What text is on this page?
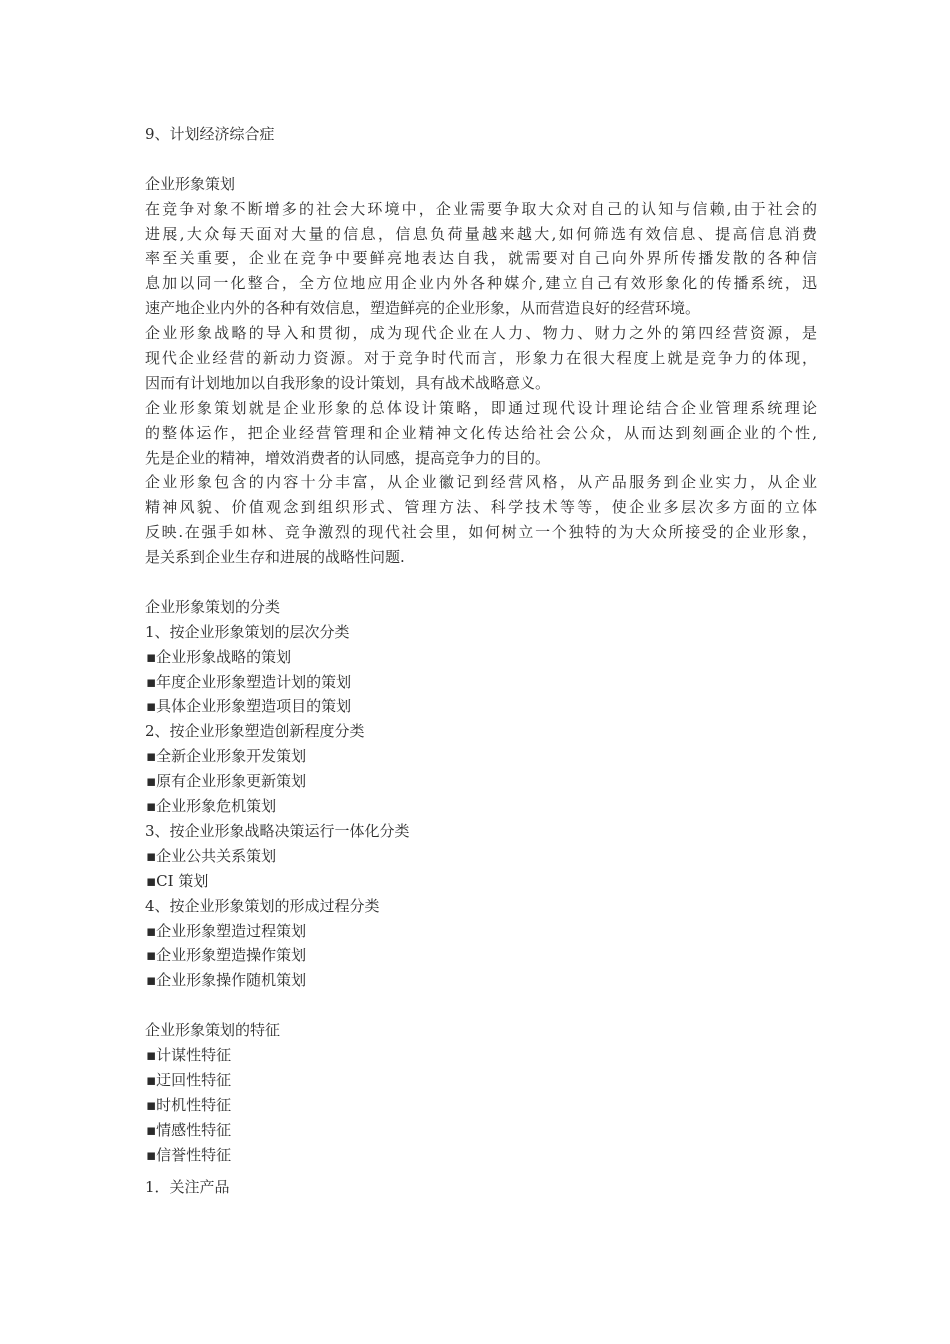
9、计划经济综合症
企业形象策划
在竞争对象不断增多的社会大环境中，企业需要争取大众对自己的认知与信赖,由于社会的
进展,大众每天面对大量的信息，信息负荷量越来越大,如何筛选有效信息、提高信息消费
率至关重要，企业在竞争中要鲜亮地表达自我，就需要对自己向外界所传播发散的各种信
息加以同一化整合，全方位地应用企业内外各种媒介,建立自己有效形象化的传播系统，迅
速产地企业内外的各种有效信息，塑造鲜亮的企业形象，从而营造良好的经营环境。
企业形象战略的导入和贯彻，成为现代企业在人力、物力、财力之外的第四经营资源，是
现代企业经营的新动力资源。对于竞争时代而言，形象力在很大程度上就是竞争力的体现，
因而有计划地加以自我形象的设计策划，具有战术战略意义。
企业形象策划就是企业形象的总体设计策略，即通过现代设计理论结合企业管理系统理论
的整体运作，把企业经营管理和企业精神文化传达给社会公众，从而达到刻画企业的个性,
先是企业的精神，增效消费者的认同感，提高竞争力的目的。
企业形象包含的内容十分丰富，从企业徽记到经营风格，从产品服务到企业实力，从企业
精神风貌、价值观念到组织形式、管理方法、科学技术等等，使企业多层次多方面的立体
反映.在强手如林、竞争激烈的现代社会里，如何树立一个独特的为大众所接受的企业形象，
是关系到企业生存和进展的战略性问题.
企业形象策划的分类
1、按企业形象策划的层次分类
▪企业形象战略的策划
▪年度企业形象塑造计划的策划
▪具体企业形象塑造项目的策划
2、按企业形象塑造创新程度分类
▪全新企业形象开发策划
▪原有企业形象更新策划
▪企业形象危机策划
3、按企业形象战略决策运行一体化分类
▪企业公共关系策划
▪CI 策划
4、按企业形象策划的形成过程分类
▪企业形象塑造过程策划
▪企业形象塑造操作策划
▪企业形象操作随机策划
企业形象策划的特征
▪计谋性特征
▪迂回性特征
▪时机性特征
▪情感性特征
▪信誉性特征
1．关注产品
